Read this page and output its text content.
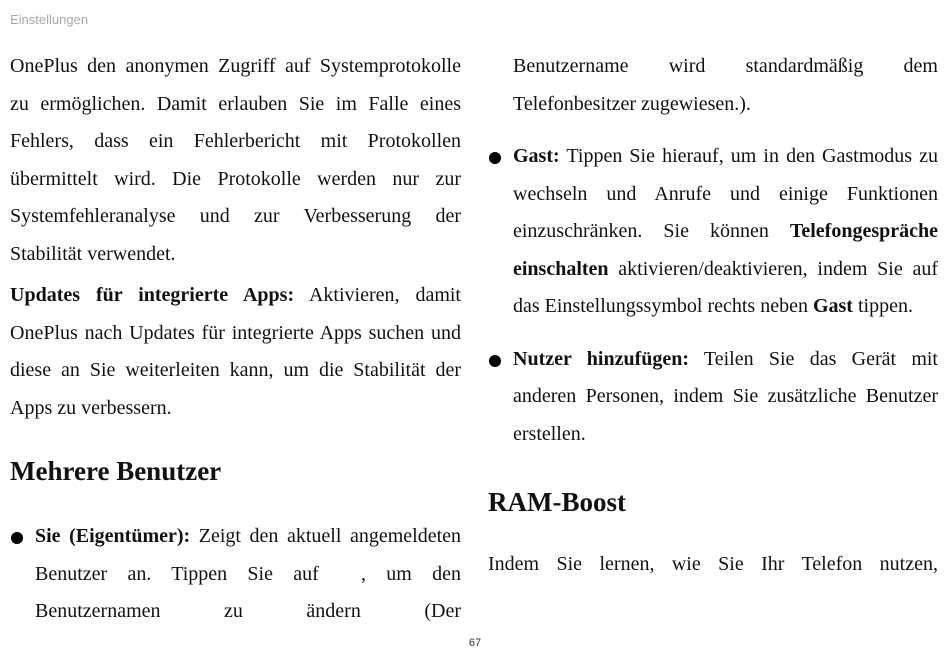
Einstellungen

OnePlus den anonymen Zugriff auf Systemprotokolle zu ermöglichen. Damit erlauben Sie im Falle eines Fehlers, dass ein Fehlerbericht mit Protokollen übermittelt wird. Die Protokolle werden nur zur Systemfehleranalyse und zur Verbesserung der Stabilität verwendet.

Updates für integrierte Apps: Aktivieren, damit OnePlus nach Updates für integrierte Apps suchen und diese an Sie weiterleiten kann, um die Stabilität der Apps zu verbessern.

Mehrere Benutzer

Sie (Eigentümer): Zeigt den aktuell angemeldeten Benutzer an. Tippen Sie auf , um den Benutzernamen zu ändern (Der

Benutzername wird standardmäßig dem Telefonbesitzer zugewiesen.).

Gast: Tippen Sie hierauf, um in den Gastmodus zu wechseln und Anrufe und einige Funktionen einzuschränken. Sie können Telefongespräche einschalten aktivieren/deaktivieren, indem Sie auf das Einstellungssymbol rechts neben Gast tippen.

Nutzer hinzufügen: Teilen Sie das Gerät mit anderen Personen, indem Sie zusätzliche Benutzer erstellen.

RAM-Boost

Indem Sie lernen, wie Sie Ihr Telefon nutzen,

67
